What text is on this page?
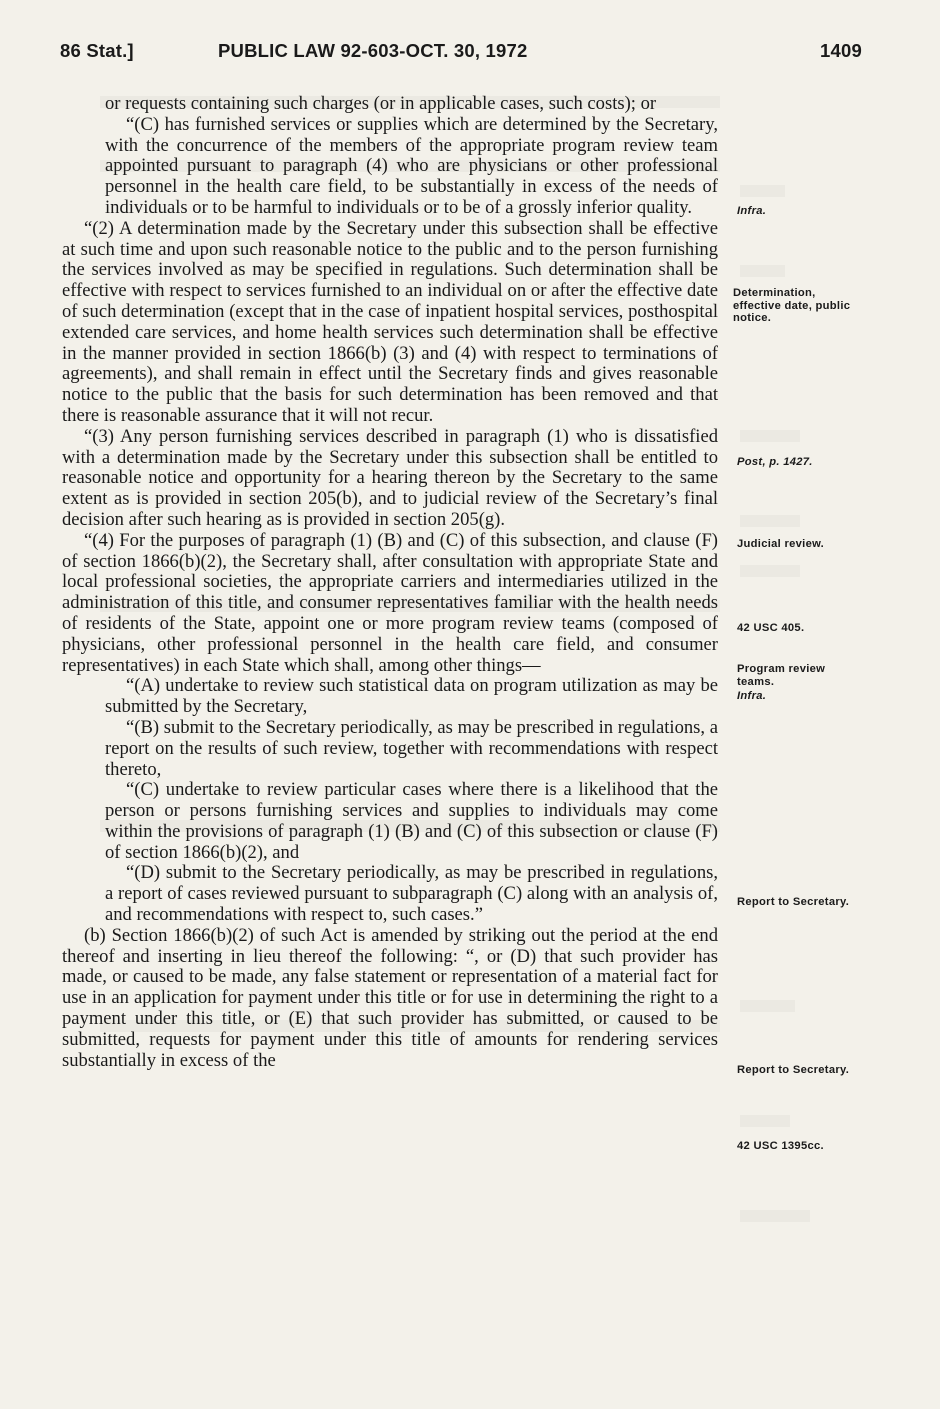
86 Stat.]	PUBLIC LAW 92-603-OCT. 30, 1972	1409

or requests containing such charges (or in applicable cases, such costs); or

“(C) has furnished services or supplies which are determined by the Secretary, with the concurrence of the members of the appropriate program review team appointed pursuant to paragraph (4) who are physicians or other professional personnel in the health care field, to be substantially in excess of the needs of individuals or to be harmful to individuals or to be of a grossly inferior quality.

“(2) A determination made by the Secretary under this subsection shall be effective at such time and upon such reasonable notice to the public and to the person furnishing the services involved as may be specified in regulations. Such determination shall be effective with respect to services furnished to an individual on or after the effective date of such determination (except that in the case of inpatient hospital services, posthospital extended care services, and home health services such determination shall be effective in the manner provided in section 1866(b) (3) and (4) with respect to terminations of agreements), and shall remain in effect until the Secretary finds and gives reasonable notice to the public that the basis for such determination has been removed and that there is reasonable assurance that it will not recur.

“(3) Any person furnishing services described in paragraph (1) who is dissatisfied with a determination made by the Secretary under this subsection shall be entitled to reasonable notice and opportunity for a hearing thereon by the Secretary to the same extent as is provided in section 205(b), and to judicial review of the Secretary’s final decision after such hearing as is provided in section 205(g).

“(4) For the purposes of paragraph (1) (B) and (C) of this subsection, and clause (F) of section 1866(b)(2), the Secretary shall, after consultation with appropriate State and local professional societies, the appropriate carriers and intermediaries utilized in the administration of this title, and consumer representatives familiar with the health needs of residents of the State, appoint one or more program review teams (composed of physicians, other professional personnel in the health care field, and consumer representatives) in each State which shall, among other things—

“(A) undertake to review such statistical data on program utilization as may be submitted by the Secretary,

“(B) submit to the Secretary periodically, as may be prescribed in regulations, a report on the results of such review, together with recommendations with respect thereto,

“(C) undertake to review particular cases where there is a likelihood that the person or persons furnishing services and supplies to individuals may come within the provisions of paragraph (1) (B) and (C) of this subsection or clause (F) of section 1866(b)(2), and

“(D) submit to the Secretary periodically, as may be prescribed in regulations, a report of cases reviewed pursuant to subparagraph (C) along with an analysis of, and recommendations with respect to, such cases.”

(b) Section 1866(b)(2) of such Act is amended by striking out the period at the end thereof and inserting in lieu thereof the following: “, or (D) that such provider has made, or caused to be made, any false statement or representation of a material fact for use in an application for payment under this title or for use in determining the right to a payment under this title, or (E) that such provider has submitted, or caused to be submitted, requests for payment under this title of amounts for rendering services substantially in excess of the

Infra.
Determination, effective date, public notice.
Post, p. 1427.
Judicial review.
42 USC 405.
Program review teams.
Infra.
Report to Secretary.
Report to Secretary.
42 USC 1395cc.
